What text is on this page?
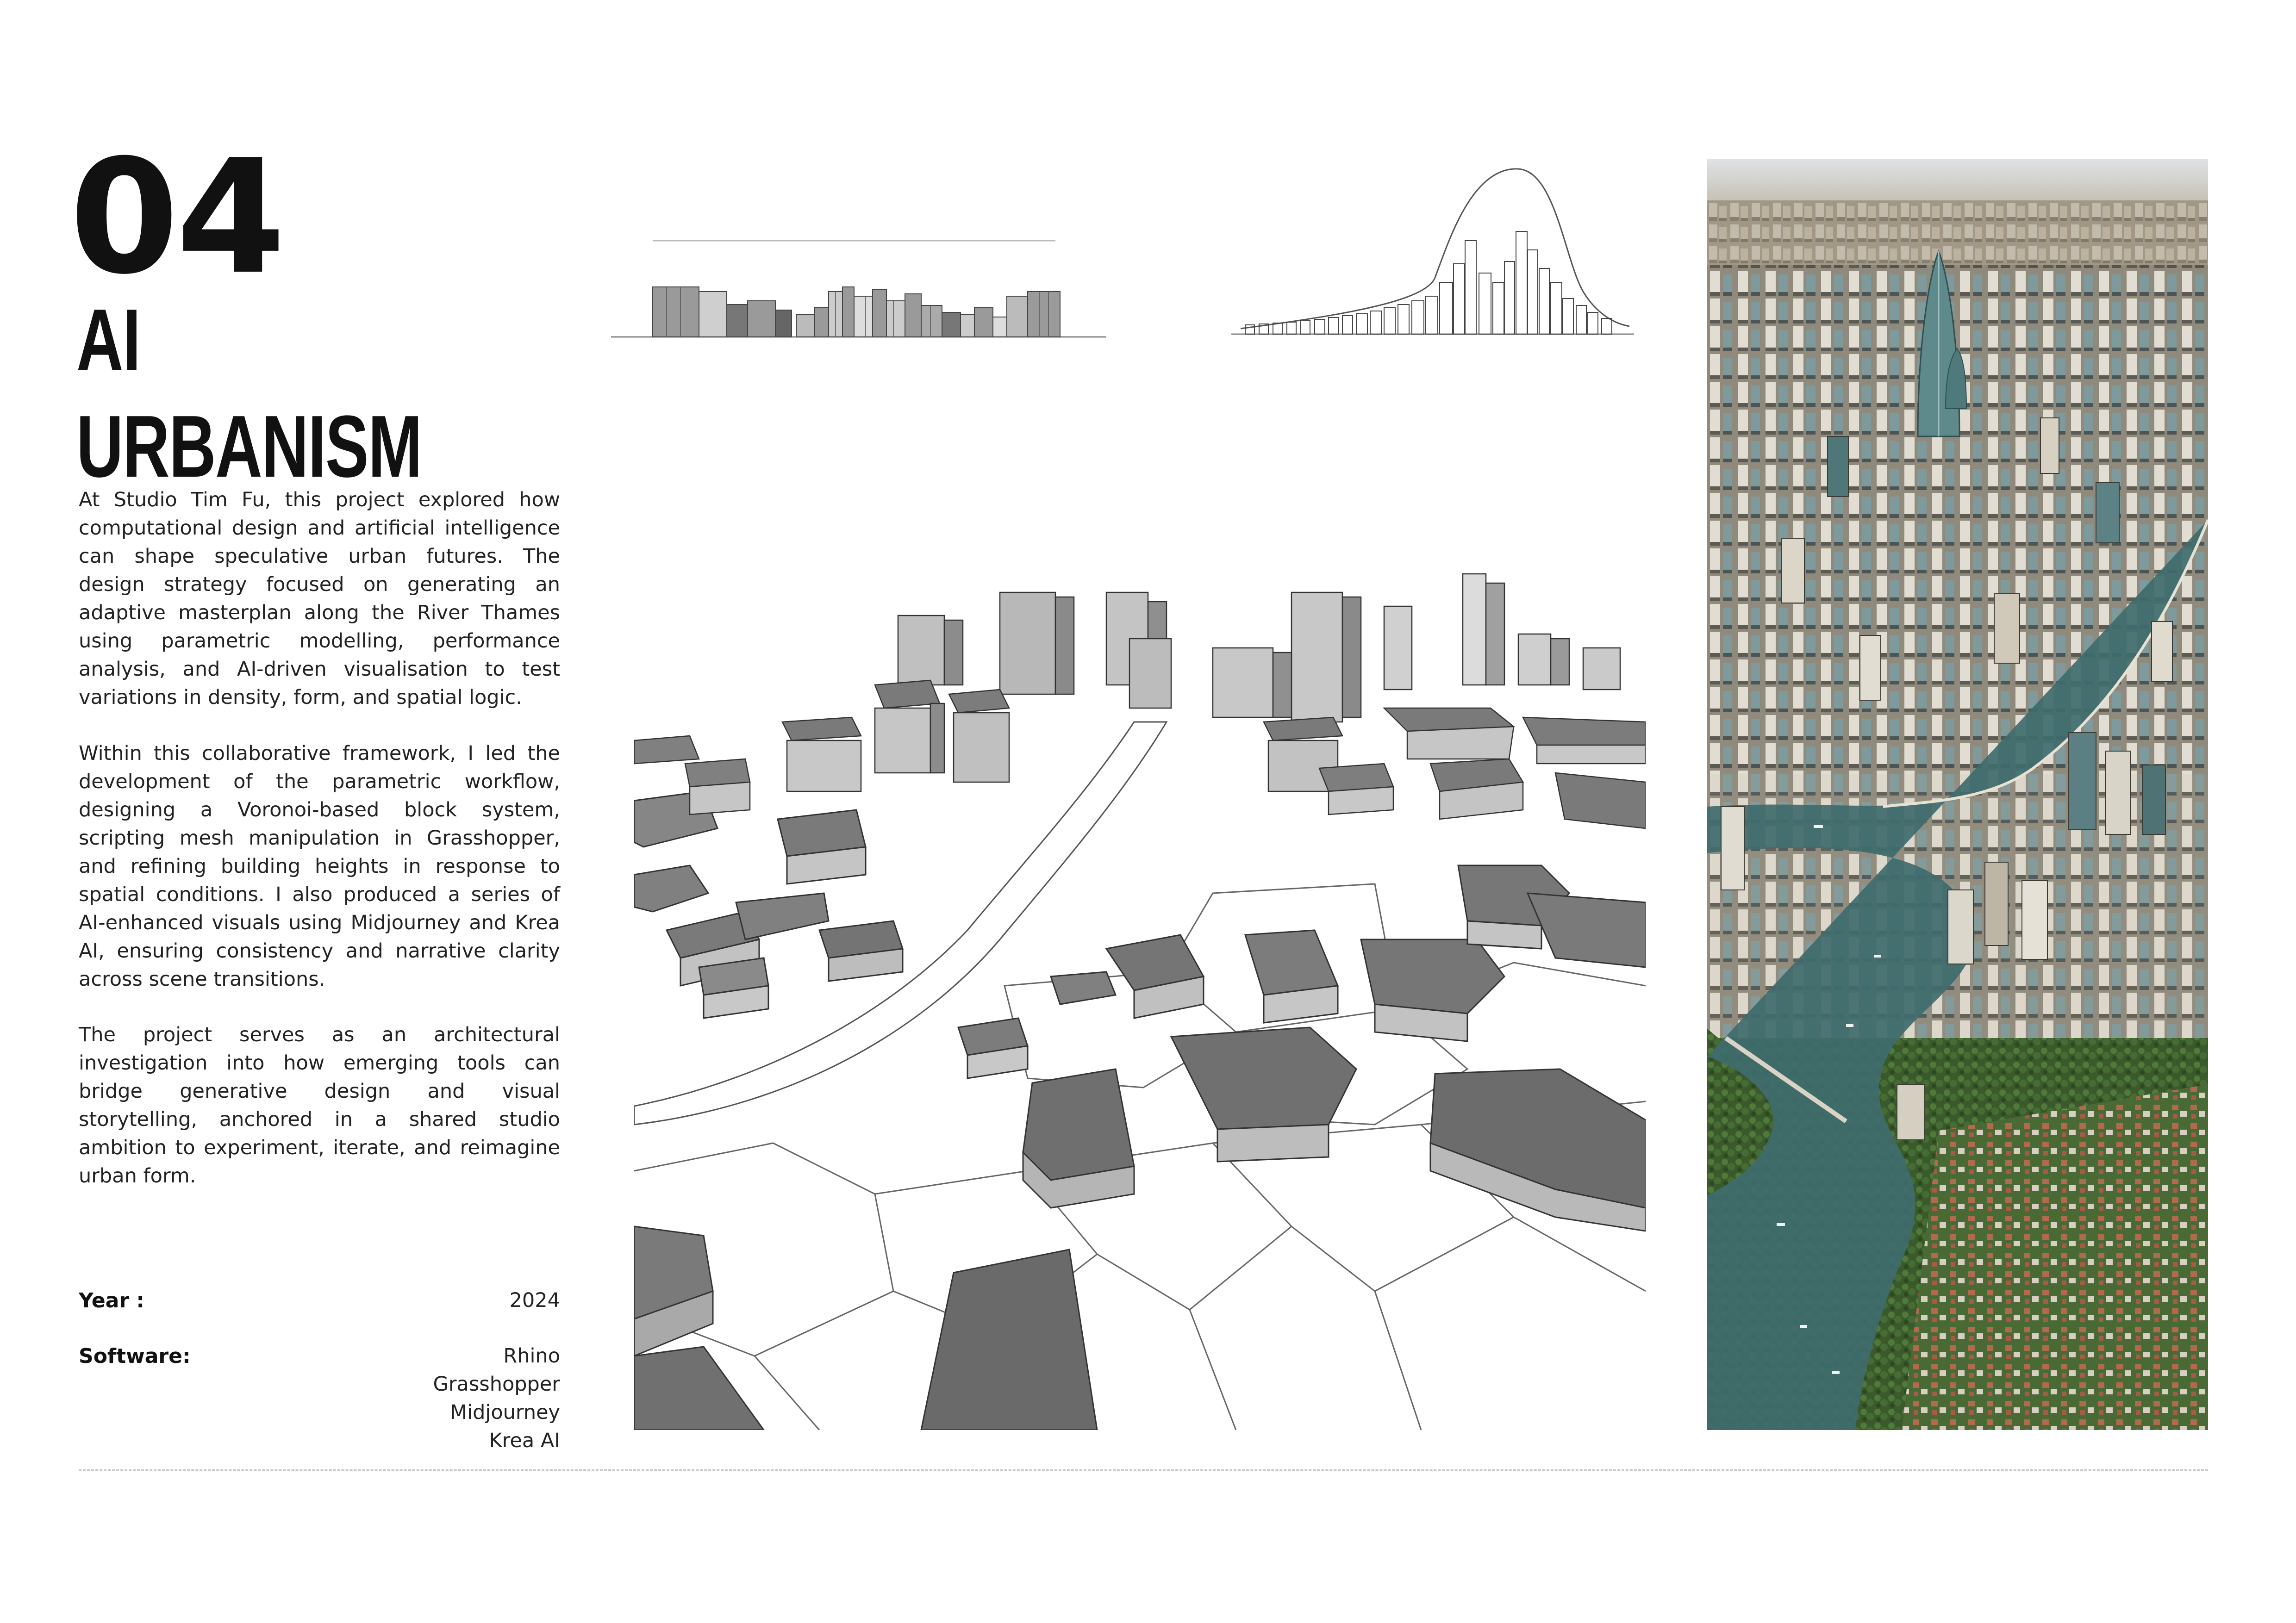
04
AI
URBANISM

At Studio Tim Fu, this project explored how computational design and artificial intelligence can shape speculative urban futures. The design strategy focused on generating an adaptive masterplan along the River Thames using parametric modelling, performance analysis, and AI-driven visualisation to test variations in density, form, and spatial logic.

Within this collaborative framework, I led the development of the parametric workflow, designing a Voronoi-based block system, scripting mesh manipulation in Grasshopper, and refining building heights in response to spatial conditions. I also produced a series of AI-enhanced visuals using Midjourney and Krea AI, ensuring consistency and narrative clarity across scene transitions.

The project serves as an architectural investigation into how emerging tools can bridge generative design and visual storytelling, anchored in a shared studio ambition to experiment, iterate, and reimagine urban form.

Year :	2024
Software:	Rhino
Grasshopper
Midjourney
Krea AI
